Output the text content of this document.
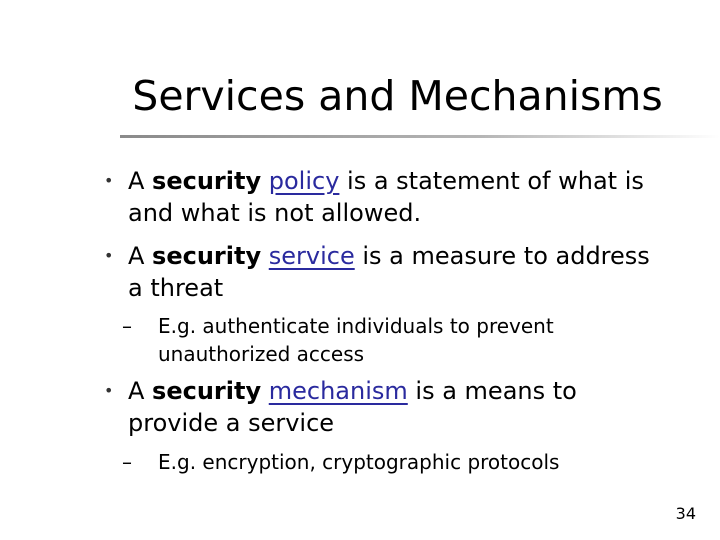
Services and Mechanisms
• A security policy is a statement of what is
and what is not allowed.
• A security service is a measure to address
a threat
– E.g. authenticate individuals to prevent
unauthorized access
• A security mechanism is a means to
provide a service
– E.g. encryption, cryptographic protocols
34
